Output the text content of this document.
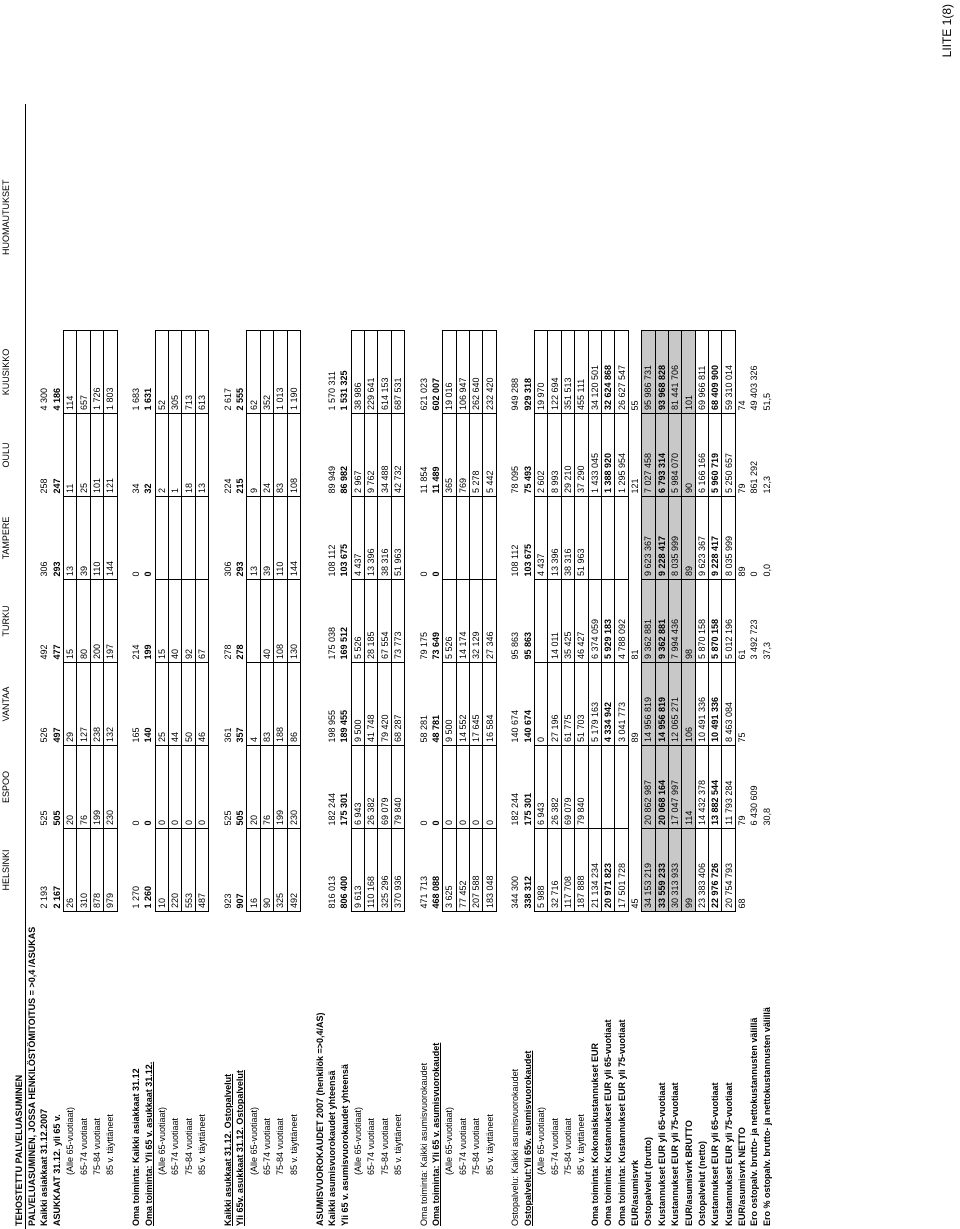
LIITE 1(8)
	HELSINKI	ESPOO	VANTAA	TURKU	TAMPERE	OULU	KUUSIKKO	HUOMAUTUKSET
TEHOSTETTU PALVELUASUMINEN								
PALVELUASUMINEN, JOSSA HENKILÖSTÖMITOITUS = >0,4 /ASUKAS								
Kaikki asiakkaat 31.12.2007	2 193	525	526	492	306	258	4 300	
ASUKKAAT 31.12. yli 65 v.	2 167	505	497	477	293	247	4 186	
(Alle 65-vuotiaat)	26	20	29	15	13	11	114	
65-74 vuotiaat	310	76	127	80	39	25	657	
75-84 vuotiaat	878	199	238	200	110	101	1 726	
85 v. täyttäneet	979	230	132	197	144	121	1 803	

Oma toiminta: Kaikki asiakkaat 31.12	1 270	0	165	214	0	34	1 683	
Oma toiminta: Yli 65 v. asukkaat 31.12.	1 260	0	140	199	0	32	1 631	
(Alle 65-vuotiaat)	10	0	25	15		2	52	
65-74 vuotiaat	220	0	44	40		1	305	
75-84 vuotiaat	553	0	50	92		18	713	
85 v. täyttäneet	487	0	46	67		13	613	

Kaikki asukkaat 31.12. Ostopalvelut	923	525	361	278	306	224	2 617	
Yli 65v. asukkaat 31.12. Ostopalvelut	907	505	357	278	293	215	2 555	
(Alle 65-vuotiaat)	16	20	4		13	9	62	
65-74 vuotiaat	90	76	83	40	39	24	352	
75-84 vuotiaat	325	199	188	108	110	83	1 013	
85 v. täyttäneet	492	230	86	130	144	108	1 190	

ASUMISVUOROKAUDET 2007 (henkilök =>0,4/AS)								
Kaikki asumisvuorokaudet yhteensä	816 013	182 244	198 955	175 038	108 112	89 949	1 570 311	
Yli 65 v. asumisvuorokaudet yhteensä	806 400	175 301	189 455	169 512	103 675	86 982	1 531 325	
(Alle 65-vuotiaat)	9 613	6 943	9 500	5 526	4 437	2 967	38 986	
65-74 vuotiaat	110 168	26 382	41 748	28 185	13 396	9 762	229 641	
75-84 vuotiaat	325 296	69 079	79 420	67 554	38 316	34 488	614 153	
85 v. täyttäneet	370 936	79 840	68 287	73 773	51 963	42 732	687 531	

Oma toiminta: Kaikki asumisvuorokaudet	471 713	0	58 281	79 175	0	11 854	621 023	
Oma toiminta: Yli 65 v. asumisvuorokaudet	468 088	0	48 781	73 649	0	11 489	602 007	
(Alle 65-vuotiaat)	3 625	0	9 500	5 526		365	19 016	
65-74 vuotiaat	77 452	0	14 552	14 174		769	106 947	
75-84 vuotiaat	207 588	0	17 645	32 129		5 278	262 640	
85 v. täyttäneet	183 048	0	16 584	27 346		5 442	232 420	

Ostopalvelu: Kaikki asumisvuorokaudet	344 300	182 244	140 674	95 863	108 112	78 095	949 288	
Ostopalvelut:Yli 65v. asumisvuorokaudet	338 312	175 301	140 674	95 863	103 675	75 493	929 318	
(Alle 65-vuotiaat)	5 988	6 943	0		4 437	2 602	19 970	
65-74 vuotiaat	32 716	26 382	27 196	14 011	13 396	8 993	122 694	
75-84 vuotiaat	117 708	69 079	61 775	35 425	38 316	29 210	351 513	
85 v. täyttäneet	187 888	79 840	51 703	46 427	51 963	37 290	455 111	
Oma toiminta: Kokonaiskustannukset EUR	21 134 234		5 179 163	6 374 059		1 433 045	34 120 501	
Oma toiminta: Kustannukset EUR yli 65-vuotiaat	20 971 823		4 334 942	5 929 183		1 388 920	32 624 868	
Oma toiminta: Kustannukset EUR yli 75-vuotiaat	17 501 728		3 041 773	4 788 092		1 295 954	26 627 547	
EUR/asumisvrk	45		89	81		121	55	
Ostopalvelut (brutto)	34 153 219	20 862 987	14 956 819	9 362 881	9 623 367	7 027 458	95 986 731	
Kustannukset EUR yli 65-vuotiaat	33 559 233	20 068 164	14 956 819	9 362 881	9 228 417	6 793 314	93 968 828	
Kustannukset EUR yli 75-vuotiaat	30 313 933	17 047 997	12 065 271	7 994 436	8 035 999	5 984 070	81 441 706	
EUR/asumisvrk BRUTTO	99	114	106	98	89	90	101	
Ostopalvelut (netto)	23 383 406	14 432 378	10 491 336	5 870 158	9 623 367	6 166 166	69 966 811	
Kustannukset EUR yli 65-vuotiaat	22 976 726	13 882 544	10 491 336	5 870 158	9 228 417	5 960 719	68 409 900	
Kustannukset EUR yli 75-vuotiaat	20 754 793	11 793 284	8 463 084	5 012 196	8 035 999	5 250 657	59 310 014	
EUR/asumisvrk NETTO	68	79	75	61	89	79	74	
Ero ostopalv. brutto- ja nettokustannusten välillä		6 430 609		3 492 723	0	861 292	49 403 326	
Ero % ostopalv. brutto- ja nettokustannusten välillä		30,8		37,3	0,0	12,3	51,5	
